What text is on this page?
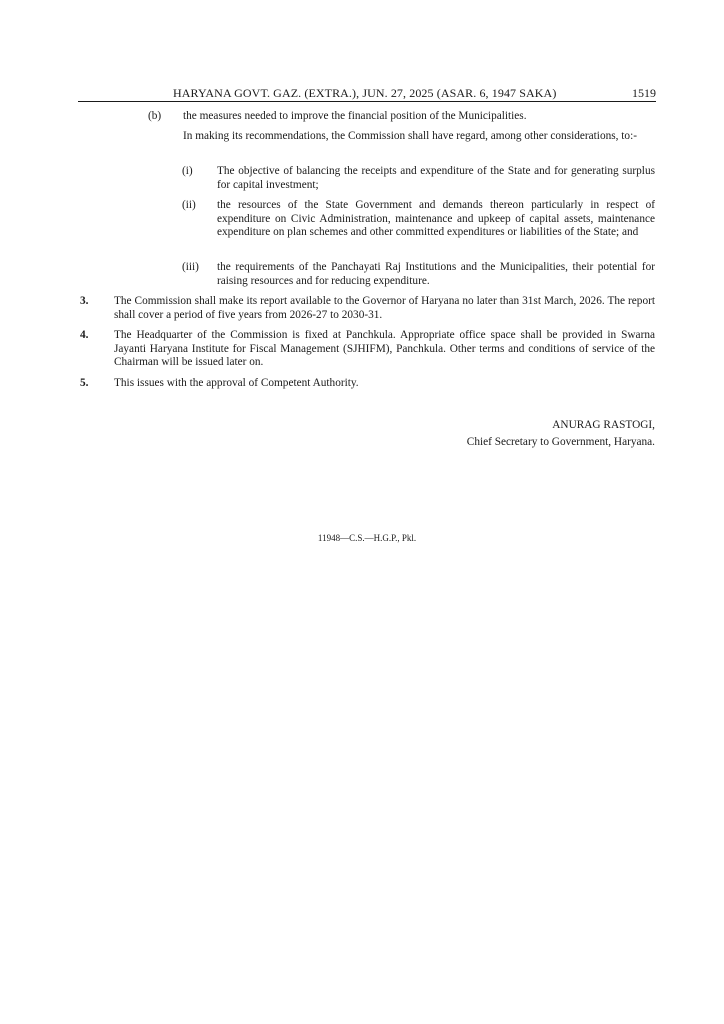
HARYANA GOVT. GAZ. (EXTRA.), JUN. 27, 2025 (ASAR. 6, 1947 SAKA)	1519
(b) the measures needed to improve the financial position of the Municipalities.
In making its recommendations, the Commission shall have regard, among other considerations, to:-
(i) The objective of balancing the receipts and expenditure of the State and for generating surplus for capital investment;
(ii) the resources of the State Government and demands thereon particularly in respect of expenditure on Civic Administration, maintenance and upkeep of capital assets, maintenance expenditure on plan schemes and other committed expenditures or liabilities of the State; and
(iii) the requirements of the Panchayati Raj Institutions and the Municipalities, their potential for raising resources and for reducing expenditure.
3. The Commission shall make its report available to the Governor of Haryana no later than 31st March, 2026. The report shall cover a period of five years from 2026-27 to 2030-31.
4. The Headquarter of the Commission is fixed at Panchkula. Appropriate office space shall be provided in Swarna Jayanti Haryana Institute for Fiscal Management (SJHIFM), Panchkula. Other terms and conditions of service of the Chairman will be issued later on.
5. This issues with the approval of Competent Authority.
ANURAG RASTOGI,
Chief Secretary to Government, Haryana.
11948—C.S.—H.G.P., Pkl.
